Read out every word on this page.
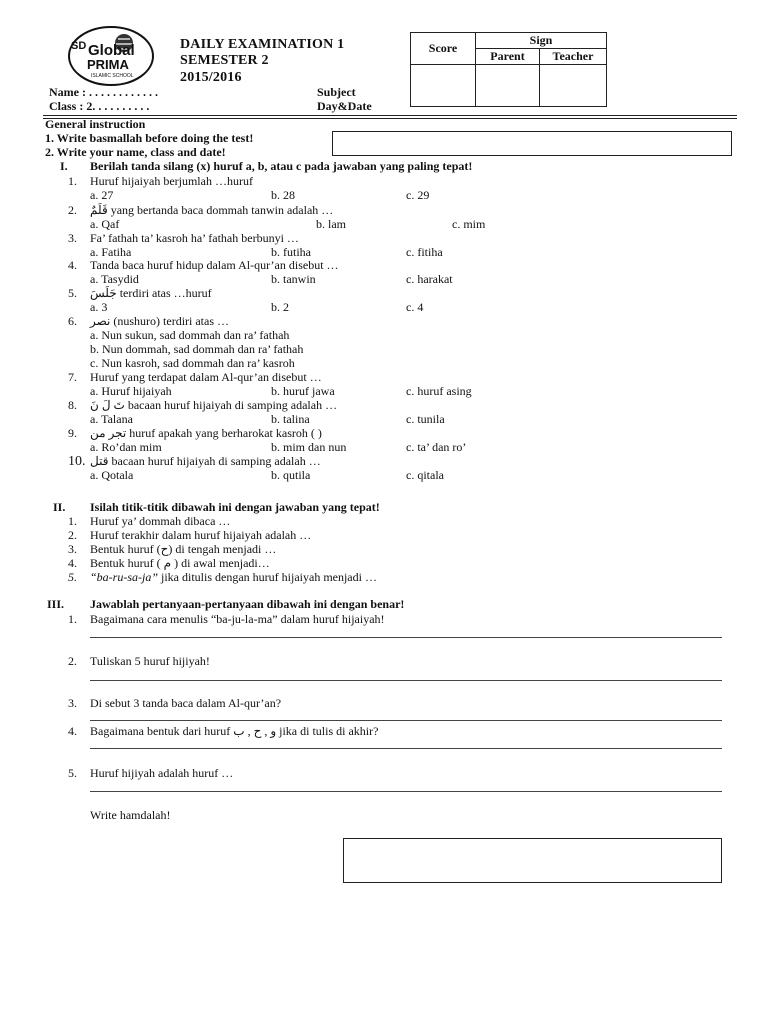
SD Global
PRIMA
ISLAMIC SCHOOL
DAILY EXAMINATION 1
SEMESTER 2
2015/2016
Score	Sign	
	Parent	Teacher

Name : . . . . . . . . . . . .
Class : 2. . . . . . . . . .
Subject
Day&Date
General instruction
1. Write basmallah before doing the test!
2. Write your name, class and date!
I. Berilah tanda silang (x) huruf a, b, atau c pada jawaban yang paling tepat!
1. Huruf hijaiyah berjumlah …huruf
a. 27	b. 28	c. 29
2. قَلَمٌ yang bertanda baca dommah tanwin adalah …
a. Qaf	b. lam	c. mim
3. Fa’ fathah ta’ kasroh ha’ fathah berbunyi …
a. Fatiha	b. futiha	c. fitiha
4. Tanda baca huruf hidup dalam Al-qur’an disebut …
a. Tasydid	b. tanwin	c. harakat
5. جَلَسَ terdiri atas …huruf
a. 3	b. 2	c. 4
6. نصر (nushuro) terdiri atas …
a. Nun sukun, sad dommah dan ra’ fathah
b. Nun dommah, sad dommah dan ra’ fathah
c. Nun kasroh, sad dommah dan ra’ kasroh
7. Huruf yang terdapat dalam Al-qur’an disebut …
a. Huruf hijaiyah	b. huruf jawa	c. huruf asing
8. تَ لَ نَ bacaan huruf hijaiyah di samping adalah …
a. Talana	b. talina	c. tunila
9. تجر من huruf apakah yang berharokat kasroh ( )
a. Ro’dan mim	b. mim dan nun	c. ta’ dan ro’
10. قتل bacaan huruf hijaiyah di samping adalah …
a. Qotala	b. qutila	c. qitala
II. Isilah titik-titik dibawah ini dengan jawaban yang tepat!
1. Huruf ya’ dommah dibaca …
2. Huruf terakhir dalam huruf hijaiyah adalah …
3. Bentuk huruf (ح) di tengah menjadi …
4. Bentuk huruf ( م ) di awal menjadi…
5. “ba-ru-sa-ja” jika ditulis dengan huruf hijaiyah menjadi …
III. Jawablah pertanyaan-pertanyaan dibawah ini dengan benar!
1. Bagaimana cara menulis “ba-ju-la-ma” dalam huruf hijaiyah!
2. Tuliskan 5 huruf hijiyah!
3. Di sebut 3 tanda baca dalam Al-qur’an?
4. Bagaimana bentuk dari huruf و , ح , ب jika di tulis di akhir?
5. Huruf hijiyah adalah huruf …
Write hamdalah!
